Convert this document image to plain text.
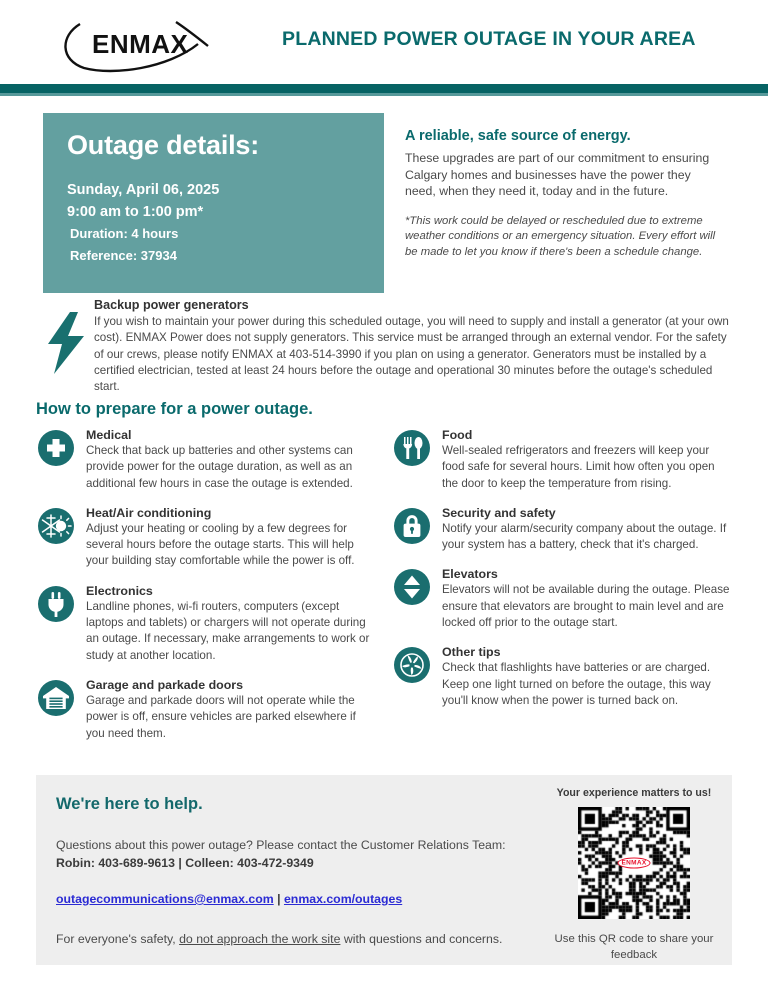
ENMAX	PLANNED POWER OUTAGE IN YOUR AREA
Outage details:
Sunday, April 06, 2025
9:00 am to 1:00 pm*
Duration: 4 hours
Reference: 37934
A reliable, safe source of energy.

These upgrades are part of our commitment to ensuring Calgary homes and businesses have the power they need, when they need it, today and in the future.

*This work could be delayed or rescheduled due to extreme weather conditions or an emergency situation. Every effort will be made to let you know if there's been a schedule change.

Backup power generators

If you wish to maintain your power during this scheduled outage, you will need to supply and install a generator (at your own cost). ENMAX Power does not supply generators. This service must be arranged through an external vendor. For the safety of our crews, please notify ENMAX at 403-514-3990 if you plan on using a generator. Generators must be installed by a certified electrician, tested at least 24 hours before the outage and operational 30 minutes before the outage's scheduled start.

How to prepare for a power outage.
Medical

Check that back up batteries and other systems can provide power for the outage duration, as well as an additional few hours in case the outage is extended.

Heat/Air conditioning

Adjust your heating or cooling by a few degrees for several hours before the outage starts. This will help your building stay comfortable while the power is off.

Electronics

Landline phones, wi-fi routers, computers (except laptops and tablets) or chargers will not operate during an outage. If necessary, make arrangements to work or study at another location.

Garage and parkade doors

Garage and parkade doors will not operate while the power is off, ensure vehicles are parked elsewhere if you need them.

Food

Well-sealed refrigerators and freezers will keep your food safe for several hours. Limit how often you open the door to keep the temperature from rising.

Security and safety

Notify your alarm/security company about the outage. If your system has a battery, check that it's charged.

Elevators

Elevators will not be available during the outage. Please ensure that elevators are brought to main level and are locked off prior to the outage start.

Other tips

Check that flashlights have batteries or are charged. Keep one light turned on before the outage, this way you'll know when the power is turned back on.

We're here to help.

Questions about this power outage? Please contact the Customer Relations Team:

Robin: 403-689-9613 | Colleen: 403-472-9349

outagecommunications@enmax.com | enmax.com/outages
For everyone's safety, do not approach the work site with questions and concerns.
Your experience matters to us!
ENMAX
Use this QR code to share your feedback
